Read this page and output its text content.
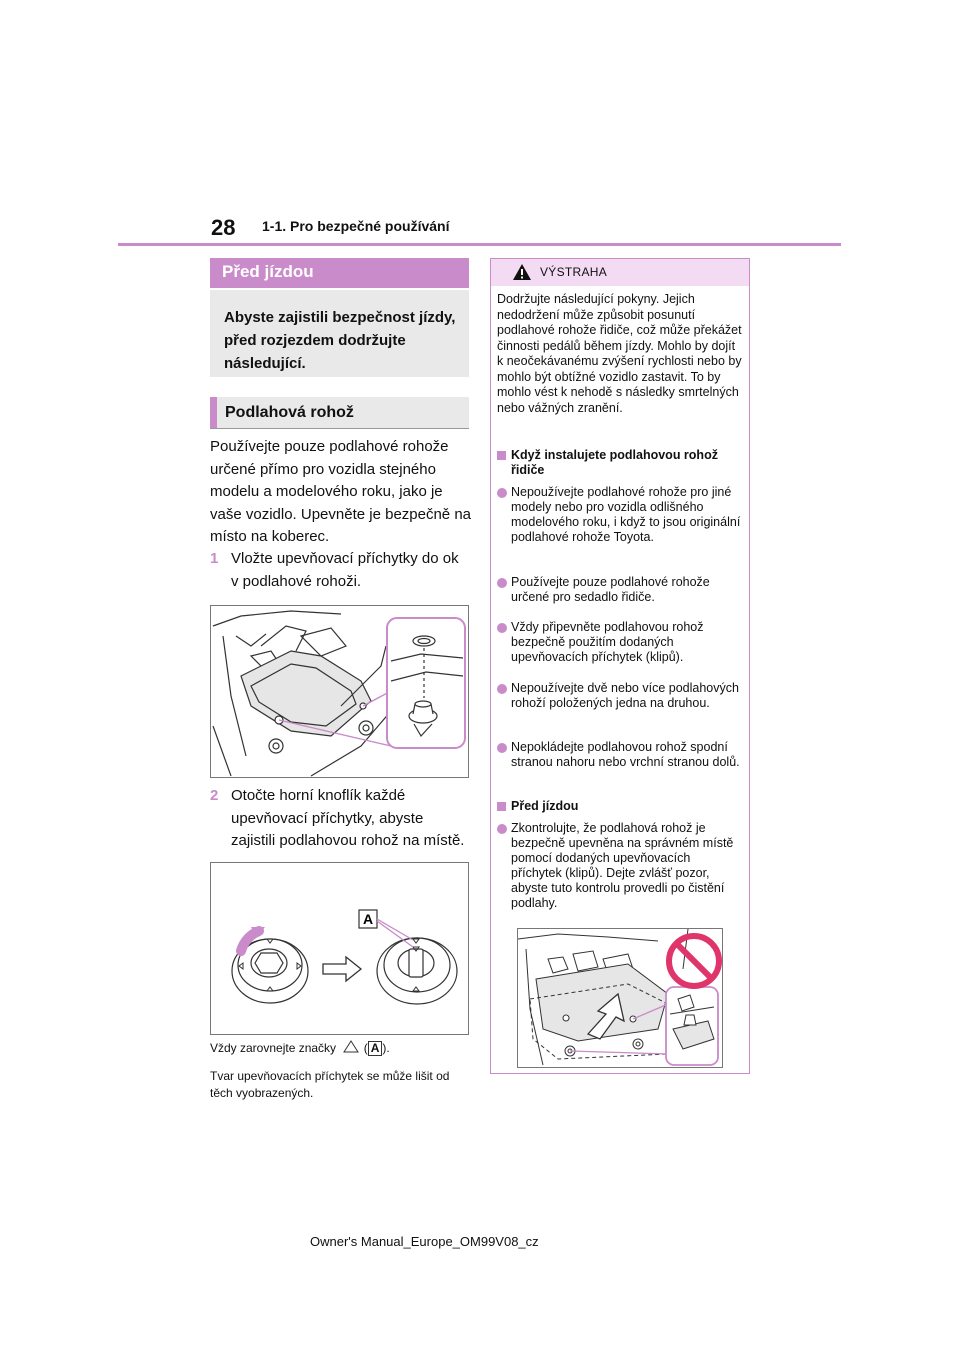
28 1-1. Pro bezpečné používání
Před jízdou
Abyste zajistili bezpečnost jízdy, před rozjezdem dodržujte následující.
Podlahová rohož
Používejte pouze podlahové rohože určené přímo pro vozidla stejného modelu a modelového roku, jako je vaše vozidlo. Upevněte je bezpečně na místo na koberec.
1 Vložte upevňovací příchytky do ok v podlahové rohoži.
2 Otočte horní knoflík každé upevňovací příchytky, abyste zajistili podlahovou rohož na místě.
A
Vždy zarovnejte značky ( A ).
Tvar upevňovacích příchytek se může lišit od těch vyobrazených.
VÝSTRAHA
Dodržujte následující pokyny. Jejich nedodržení může způsobit posunutí podlahové rohože řidiče, což může překážet činnosti pedálů během jízdy. Mohlo by dojít k neočekávanému zvýšení rychlosti nebo by mohlo být obtížné vozidlo zastavit. To by mohlo vést k nehodě s následky smrtelných nebo vážných zranění.
Když instalujete podlahovou rohož řidiče
Nepoužívejte podlahové rohože pro jiné modely nebo pro vozidla odlišného modelového roku, i když to jsou originální podlahové rohože Toyota.
Používejte pouze podlahové rohože určené pro sedadlo řidiče.
Vždy připevněte podlahovou rohož bezpečně použitím dodaných upevňovacích příchytek (klipů).
Nepoužívejte dvě nebo více podlahových rohoží položených jedna na druhou.
Nepokládejte podlahovou rohož spodní stranou nahoru nebo vrchní stranou dolů.
Před jízdou
Zkontrolujte, že podlahová rohož je bezpečně upevněna na správném místě pomocí dodaných upevňovacích příchytek (klipů). Dejte zvlášť pozor, abyste tuto kontrolu provedli po čistění podlahy.
Owner's Manual_Europe_OM99V08_cz
